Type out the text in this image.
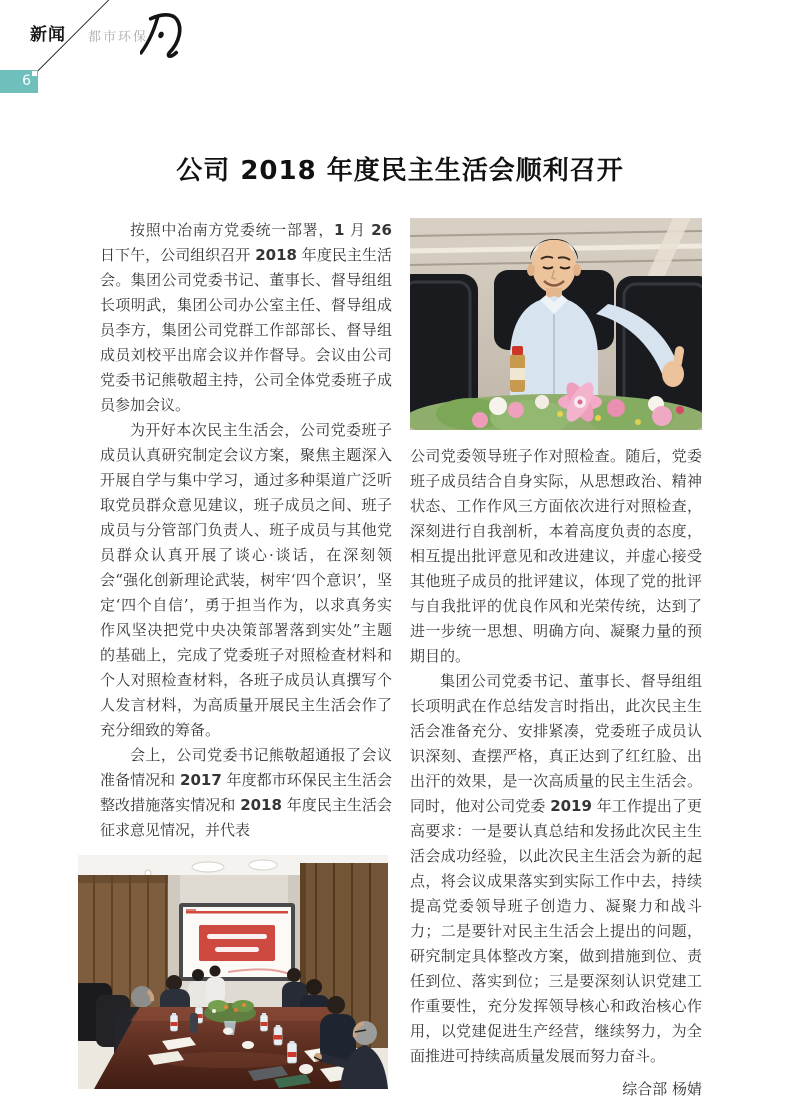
新闻 都市环保
6
公司 2018 年度民主生活会顺利召开

按照中冶南方党委统一部署，1 月 26 日下午，公司组织召开 2018 年度民主生活会。集团公司党委书记、董事长、督导组组长项明武，集团公司办公室主任、督导组成员李方，集团公司党群工作部部长、督导组成员刘校平出席会议并作督导。会议由公司党委书记熊敬超主持，公司全体党委班子成员参加会议。

为开好本次民主生活会，公司党委班子成员认真研究制定会议方案，聚焦主题深入开展自学与集中学习，通过多种渠道广泛听取党员群众意见建议，班子成员之间、班子成员与分管部门负责人、班子成员与其他党员群众认真开展了谈心·谈话，在深刻领会“强化创新理论武装，树牢‘四个意识’，坚定‘四个自信’，勇于担当作为，以求真务实作风坚决把党中央决策部署落到实处”主题的基础上，完成了党委班子对照检查材料和个人对照检查材料，各班子成员认真撰写个人发言材料，为高质量开展民主生活会作了充分细致的筹备。

会上，公司党委书记熊敬超通报了会议准备情况和 2017 年度都市环保民主生活会整改措施落实情况和 2018 年度民主生活会征求意见情况，并代表

公司党委领导班子作对照检查。随后，党委班子成员结合自身实际，从思想政治、精神状态、工作作风三方面依次进行对照检查，深刻进行自我剖析，本着高度负责的态度，相互提出批评意见和改进建议，并虚心接受其他班子成员的批评建议，体现了党的批评与自我批评的优良作风和光荣传统，达到了进一步统一思想、明确方向、凝聚力量的预期目的。

集团公司党委书记、董事长、督导组组长项明武在作总结发言时指出，此次民主生活会准备充分、安排紧凑，党委班子成员认识深刻、查摆严格，真正达到了红红脸、出出汗的效果，是一次高质量的民主生活会。同时，他对公司党委 2019 年工作提出了更高要求：一是要认真总结和发扬此次民主生活会成功经验，以此次民主生活会为新的起点，将会议成果落实到实际工作中去，持续提高党委领导班子创造力、凝聚力和战斗力；二是要针对民主生活会上提出的问题，研究制定具体整改方案，做到措施到位、责任到位、落实到位；三是要深刻认识党建工作重要性，充分发挥领导核心和政治核心作用，以党建促进生产经营，继续努力，为全面推进可持续高质量发展而努力奋斗。

综合部 杨婧
